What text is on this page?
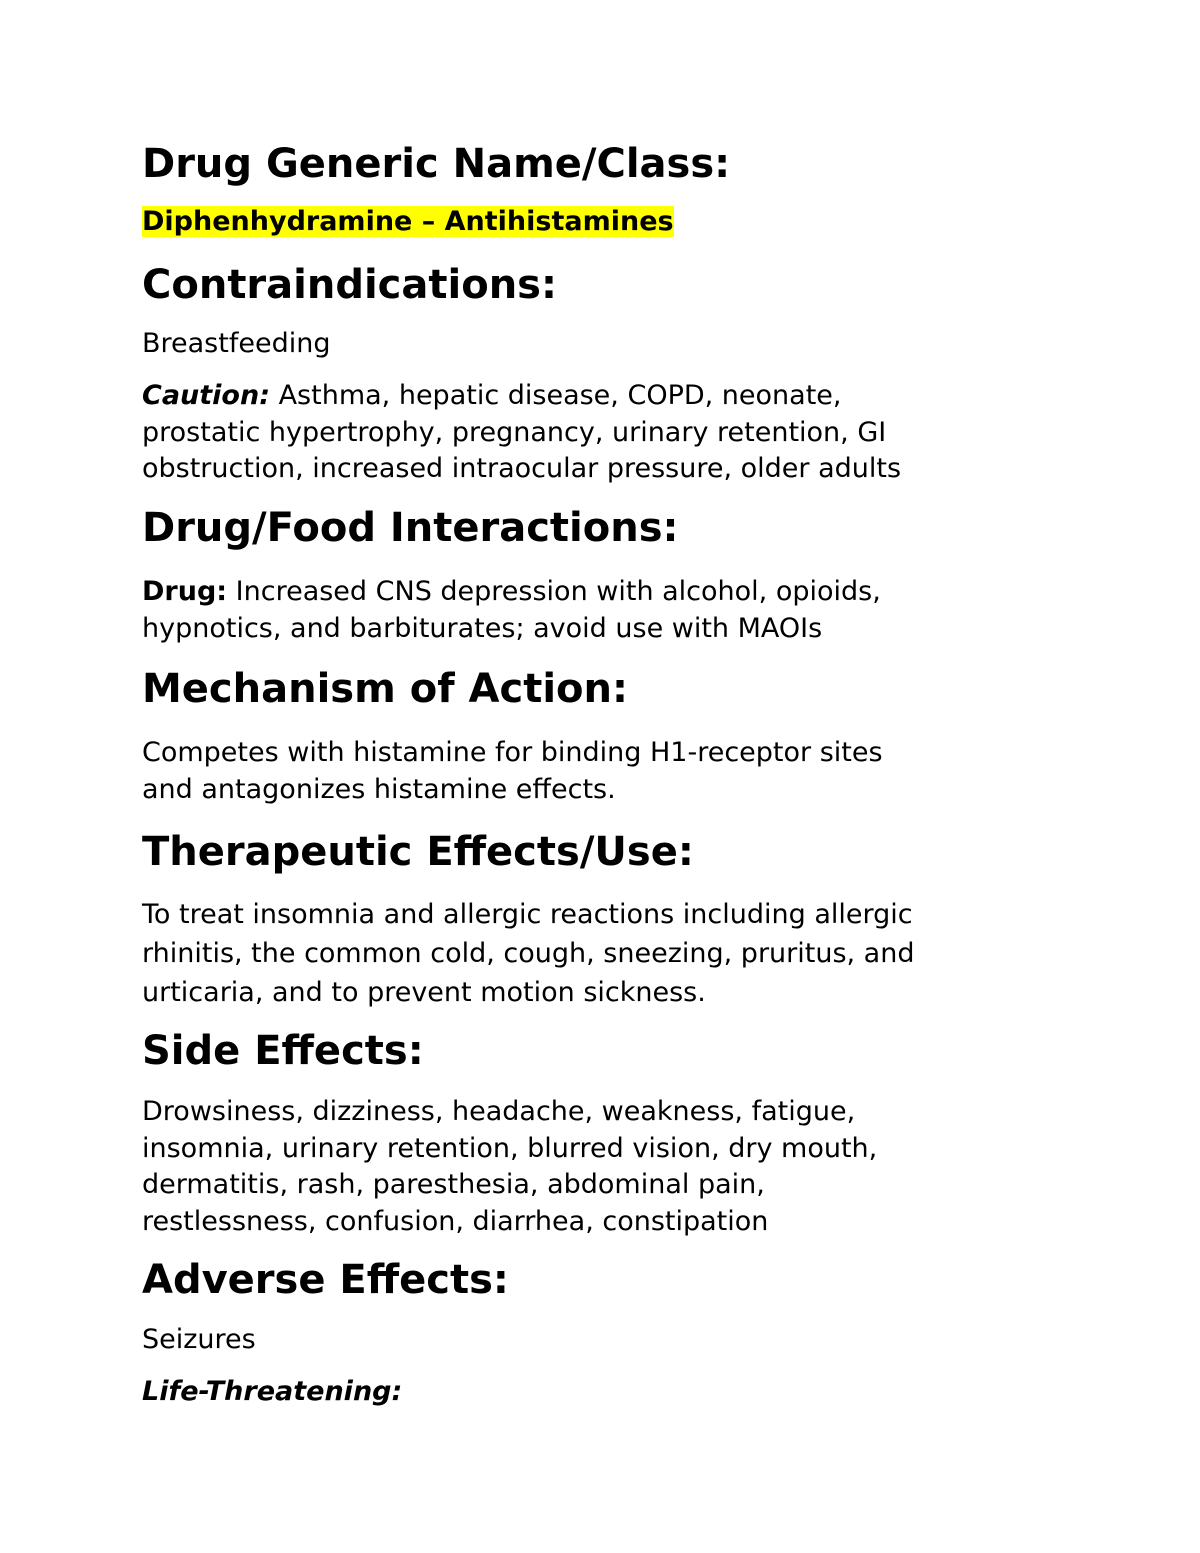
Drug Generic Name/Class:

Diphenhydramine – Antihistamines

Contraindications:

Breastfeeding

Caution: Asthma, hepatic disease, COPD, neonate,
prostatic hypertrophy, pregnancy, urinary retention, GI
obstruction, increased intraocular pressure, older adults

Drug/Food Interactions:

Drug: Increased CNS depression with alcohol, opioids,
hypnotics, and barbiturates; avoid use with MAOIs

Mechanism of Action:

Competes with histamine for binding H1-receptor sites
and antagonizes histamine effects.

Therapeutic Effects/Use:

To treat insomnia and allergic reactions including allergic
rhinitis, the common cold, cough, sneezing, pruritus, and
urticaria, and to prevent motion sickness.

Side Effects:

Drowsiness, dizziness, headache, weakness, fatigue,
insomnia, urinary retention, blurred vision, dry mouth,
dermatitis, rash, paresthesia, abdominal pain,
restlessness, confusion, diarrhea, constipation

Adverse Effects:

Seizures

Life-Threatening:
